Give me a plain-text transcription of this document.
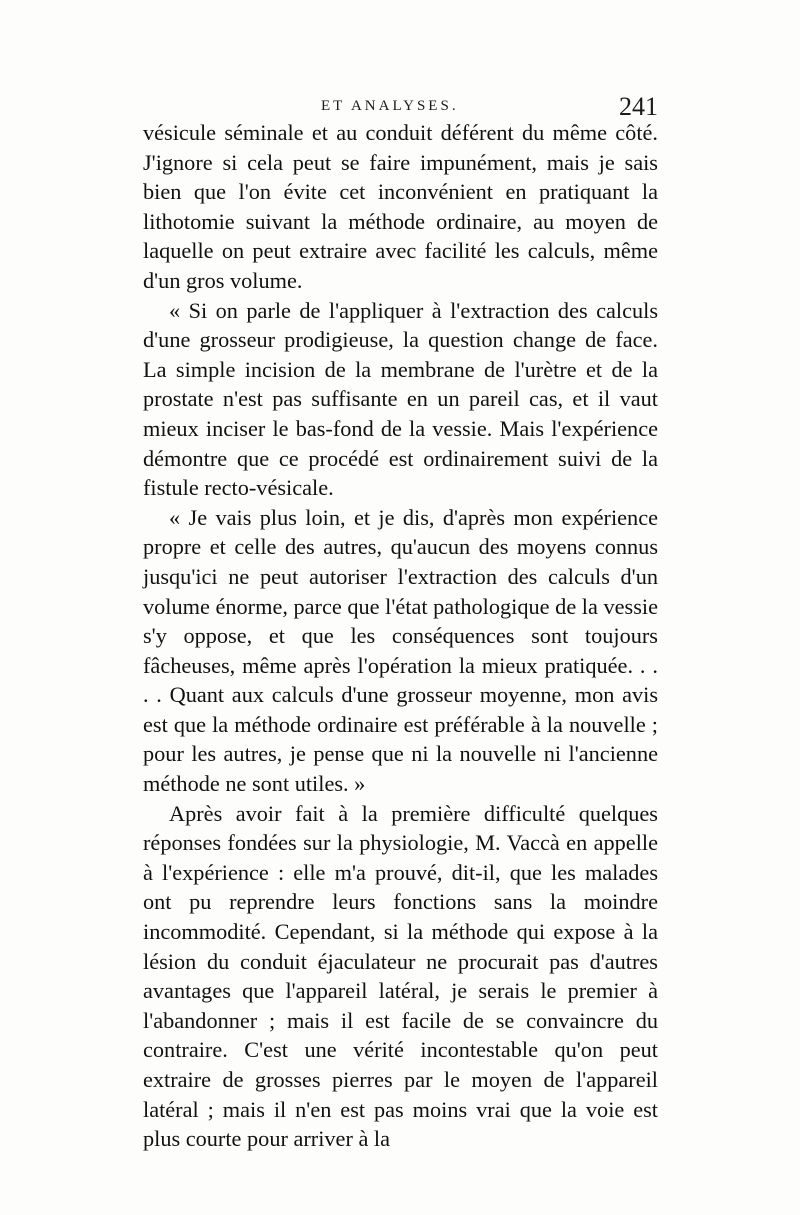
ET ANALYSES.	241

vésicule séminale et au conduit déférent du même côté. J'ignore si cela peut se faire impunément, mais je sais bien que l'on évite cet inconvénient en pratiquant la lithotomie suivant la méthode ordinaire, au moyen de laquelle on peut extraire avec facilité les calculs, même d'un gros volume.

« Si on parle de l'appliquer à l'extraction des calculs d'une grosseur prodigieuse, la question change de face. La simple incision de la membrane de l'urètre et de la prostate n'est pas suffisante en un pareil cas, et il vaut mieux inciser le bas-fond de la vessie. Mais l'expérience démontre que ce procédé est ordinairement suivi de la fistule recto-vésicale.

« Je vais plus loin, et je dis, d'après mon expérience propre et celle des autres, qu'aucun des moyens connus jusqu'ici ne peut autoriser l'extraction des calculs d'un volume énorme, parce que l'état pathologique de la vessie s'y oppose, et que les conséquences sont toujours fâcheuses, même après l'opération la mieux pratiquée. . . . . Quant aux calculs d'une grosseur moyenne, mon avis est que la méthode ordinaire est préférable à la nouvelle ; pour les autres, je pense que ni la nouvelle ni l'ancienne méthode ne sont utiles. »

Après avoir fait à la première difficulté quelques réponses fondées sur la physiologie, M. Vaccà en appelle à l'expérience : elle m'a prouvé, dit-il, que les malades ont pu reprendre leurs fonctions sans la moindre incommodité. Cependant, si la méthode qui expose à la lésion du conduit éjaculateur ne procurait pas d'autres avantages que l'appareil latéral, je serais le premier à l'abandonner ; mais il est facile de se convaincre du contraire. C'est une vérité incontestable qu'on peut extraire de grosses pierres par le moyen de l'appareil latéral ; mais il n'en est pas moins vrai que la voie est plus courte pour arriver à la
